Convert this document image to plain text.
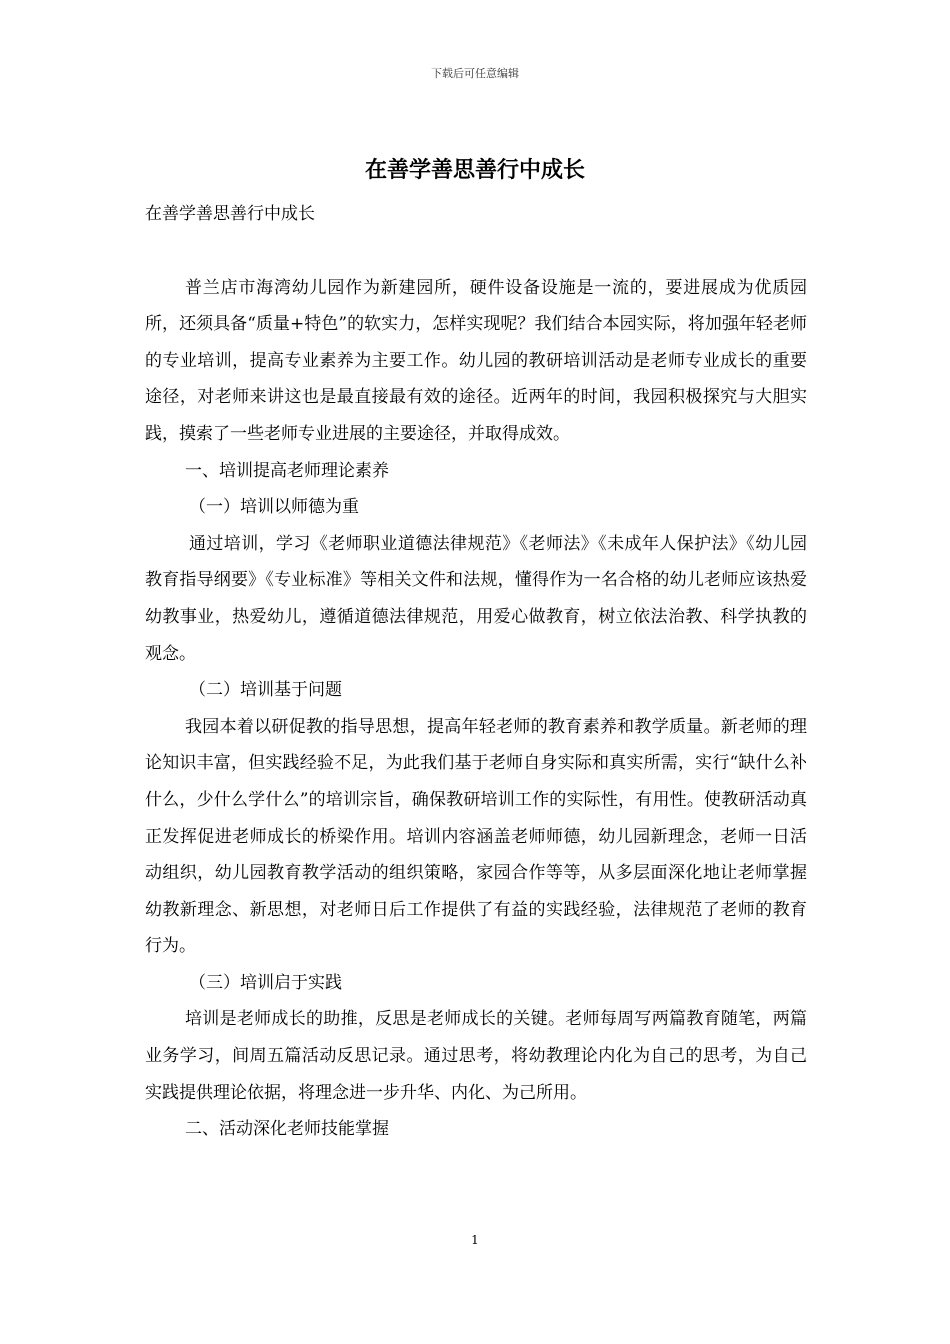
下载后可任意编辑
在善学善思善行中成长

在善学善思善行中成长

普兰店市海湾幼儿园作为新建园所，硬件设备设施是一流的，要进展成为优质园所，还须具备“质量+特色”的软实力，怎样实现呢？我们结合本园实际，将加强年轻老师的专业培训，提高专业素养为主要工作。幼儿园的教研培训活动是老师专业成长的重要途径，对老师来讲这也是最直接最有效的途径。近两年的时间，我园积极探究与大胆实践，摸索了一些老师专业进展的主要途径，并取得成效。

一、培训提高老师理论素养

（一）培训以师德为重

通过培训，学习《老师职业道德法律规范》《老师法》《未成年人保护法》《幼儿园教育指导纲要》《专业标准》等相关文件和法规，懂得作为一名合格的幼儿老师应该热爱幼教事业，热爱幼儿，遵循道德法律规范，用爱心做教育，树立依法治教、科学执教的观念。

（二）培训基于问题

我园本着以研促教的指导思想，提高年轻老师的教育素养和教学质量。新老师的理论知识丰富，但实践经验不足，为此我们基于老师自身实际和真实所需，实行“缺什么补什么，少什么学什么”的培训宗旨，确保教研培训工作的实际性，有用性。使教研活动真正发挥促进老师成长的桥梁作用。培训内容涵盖老师师德，幼儿园新理念，老师一日活动组织，幼儿园教育教学活动的组织策略，家园合作等等，从多层面深化地让老师掌握幼教新理念、新思想，对老师日后工作提供了有益的实践经验，法律规范了老师的教育行为。

（三）培训启于实践

培训是老师成长的助推，反思是老师成长的关键。老师每周写两篇教育随笔，两篇业务学习，间周五篇活动反思记录。通过思考，将幼教理论内化为自己的思考，为自己实践提供理论依据，将理念进一步升华、内化、为己所用。

二、活动深化老师技能掌握

1
